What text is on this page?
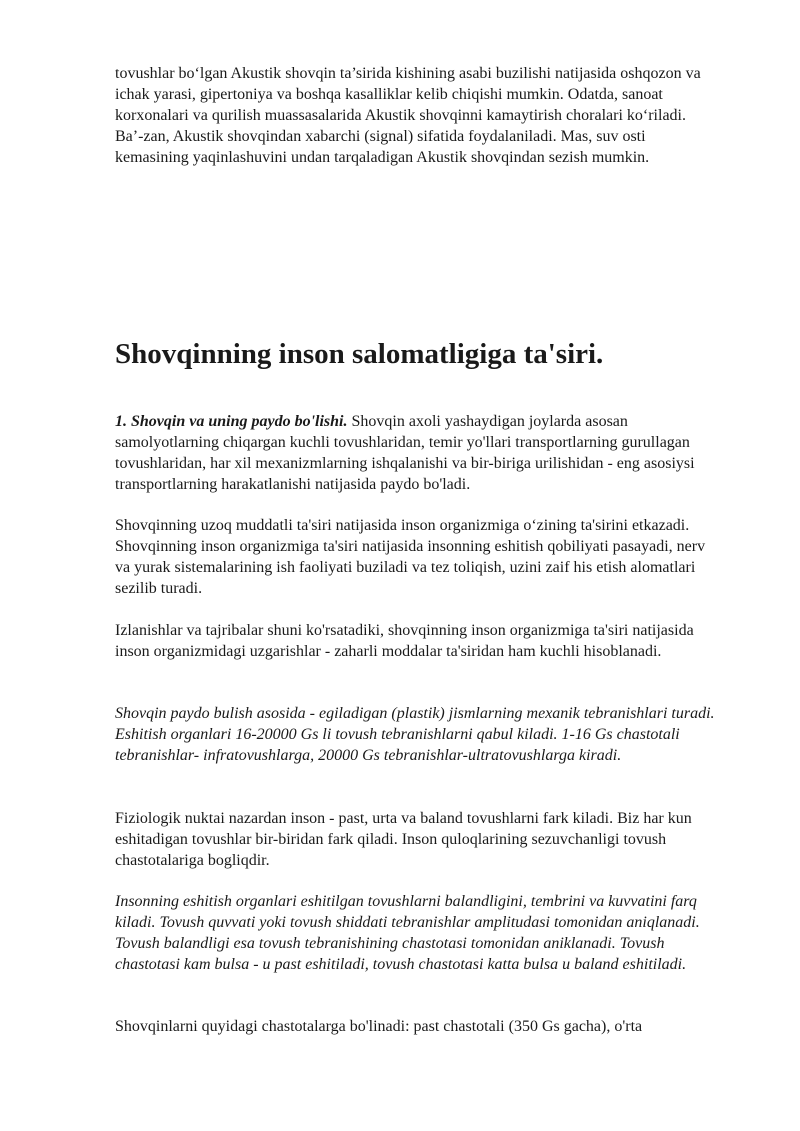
tovushlar bo‘lgan Akustik shovqin ta’sirida kishining asabi buzilishi natijasida oshqozon va ichak yarasi, gipertoniya va boshqa kasalliklar kelib chiqishi mumkin. Odatda, sanoat korxonalari va qurilish muassasalarida Akustik shovqinni kamaytirish choralari ko‘riladi. Ba’-zan, Akustik shovqindan xabarchi (signal) sifatida foydalaniladi. Mas, suv osti kemasining yaqinlashuvini undan tarqaladigan Akustik shovqindan sezish mumkin.

Shovqinning inson salomatligiga ta'siri.

1. Shovqin va uning paydo bo'lishi. Shovqin axoli yashaydigan joylarda asosan samolyotlarning chiqargan kuchli tovushlaridan, temir yo'llari transportlarning gurullagan tovushlaridan, har xil mexanizmlarning ishqalanishi va bir-biriga urilishidan - eng asosiysi transportlarning harakatlanishi natijasida paydo bo'ladi.

Shovqinning uzoq muddatli ta'siri natijasida inson organizmiga o‘zining ta'sirini etkazadi. Shovqinning inson organizmiga ta'siri natijasida insonning eshitish qobiliyati pasayadi, nerv va yurak sistemalarining ish faoliyati buziladi va tez toliqish, uzini zaif his etish alomatlari sezilib turadi.

Izlanishlar va tajribalar shuni ko'rsatadiki, shovqinning inson organizmiga ta'siri natijasida inson organizmidagi uzgarishlar - zaharli moddalar ta'siridan ham kuchli hisoblanadi.

Shovqin paydo bulish asosida - egiladigan (plastik) jismlarning mexanik tebranishlari turadi. Eshitish organlari 16-20000 Gs li tovush tebranishlarni qabul kiladi. 1-16 Gs chastotali tebranishlar- infratovushlarga, 20000 Gs tebranishlar-ultratovushlarga kiradi.

Fiziologik nuktai nazardan inson - past, urta va baland tovushlarni fark kiladi. Biz har kun eshitadigan tovushlar bir-biridan fark qiladi. Inson quloqlarining sezuvchanligi tovush chastotalariga bogliqdir.

Insonning eshitish organlari eshitilgan tovushlarni balandligini, tembrini va kuvvatini farq kiladi. Tovush quvvati yoki tovush shiddati tebranishlar amplitudasi tomonidan aniqlanadi. Tovush balandligi esa tovush tebranishining chastotasi tomonidan aniklanadi. Tovush chastotasi kam bulsa - u past eshitiladi, tovush chastotasi katta bulsa u baland eshitiladi.

Shovqinlarni quyidagi chastotalarga bo'linadi: past chastotali (350 Gs gacha), o'rta
